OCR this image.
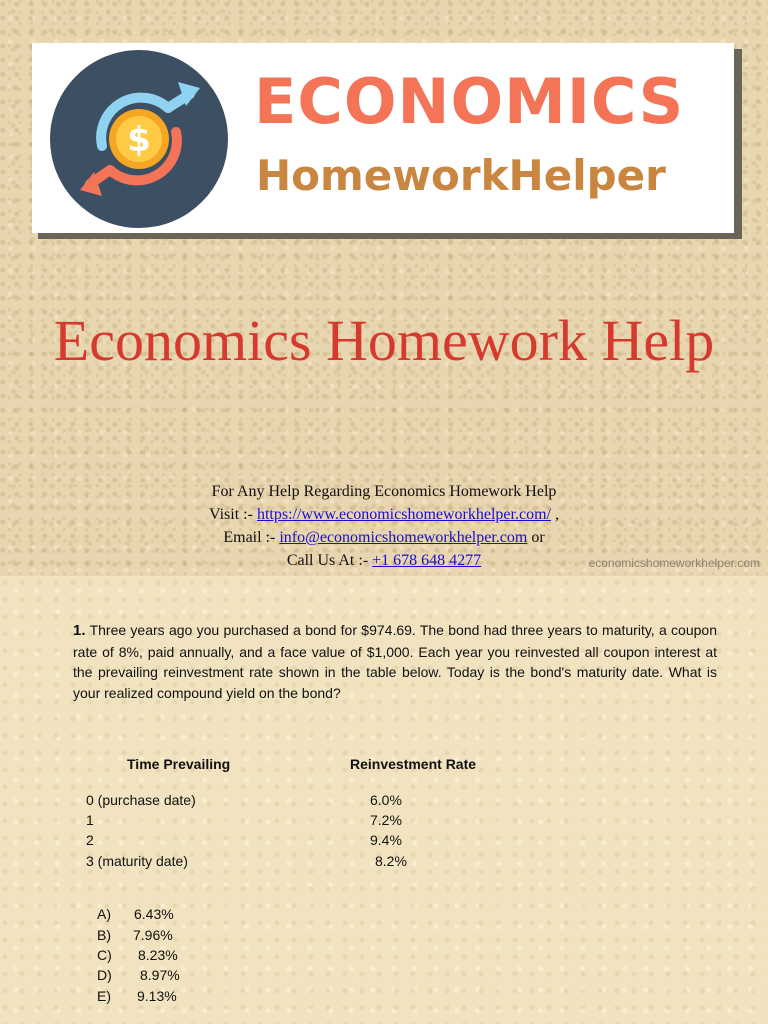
$
ECONOMICS
HomeworkHelper
Economics Homework Help
For Any Help Regarding Economics Homework Help
Visit :- https://www.economicshomeworkhelper.com/ ,
Email :- info@economicshomeworkhelper.com or
Call Us At :- +1 678 648 4277	economicshomeworkhelper.com
1. Three years ago you purchased a bond for $974.69. The bond had three years to maturity, a coupon rate of 8%, paid annually, and a face value of $1,000. Each year you reinvested all coupon interest at the prevailing reinvestment rate shown in the table below. Today is the bond's maturity date. What is your realized compound yield on the bond?
Time Prevailing	Reinvestment Rate
0 (purchase date)	6.0%
1	7.2%
2	9.4%
3 (maturity date)	8.2%
A) 6.43%
B) 7.96%
C) 8.23%
D) 8.97%
E) 9.13%
